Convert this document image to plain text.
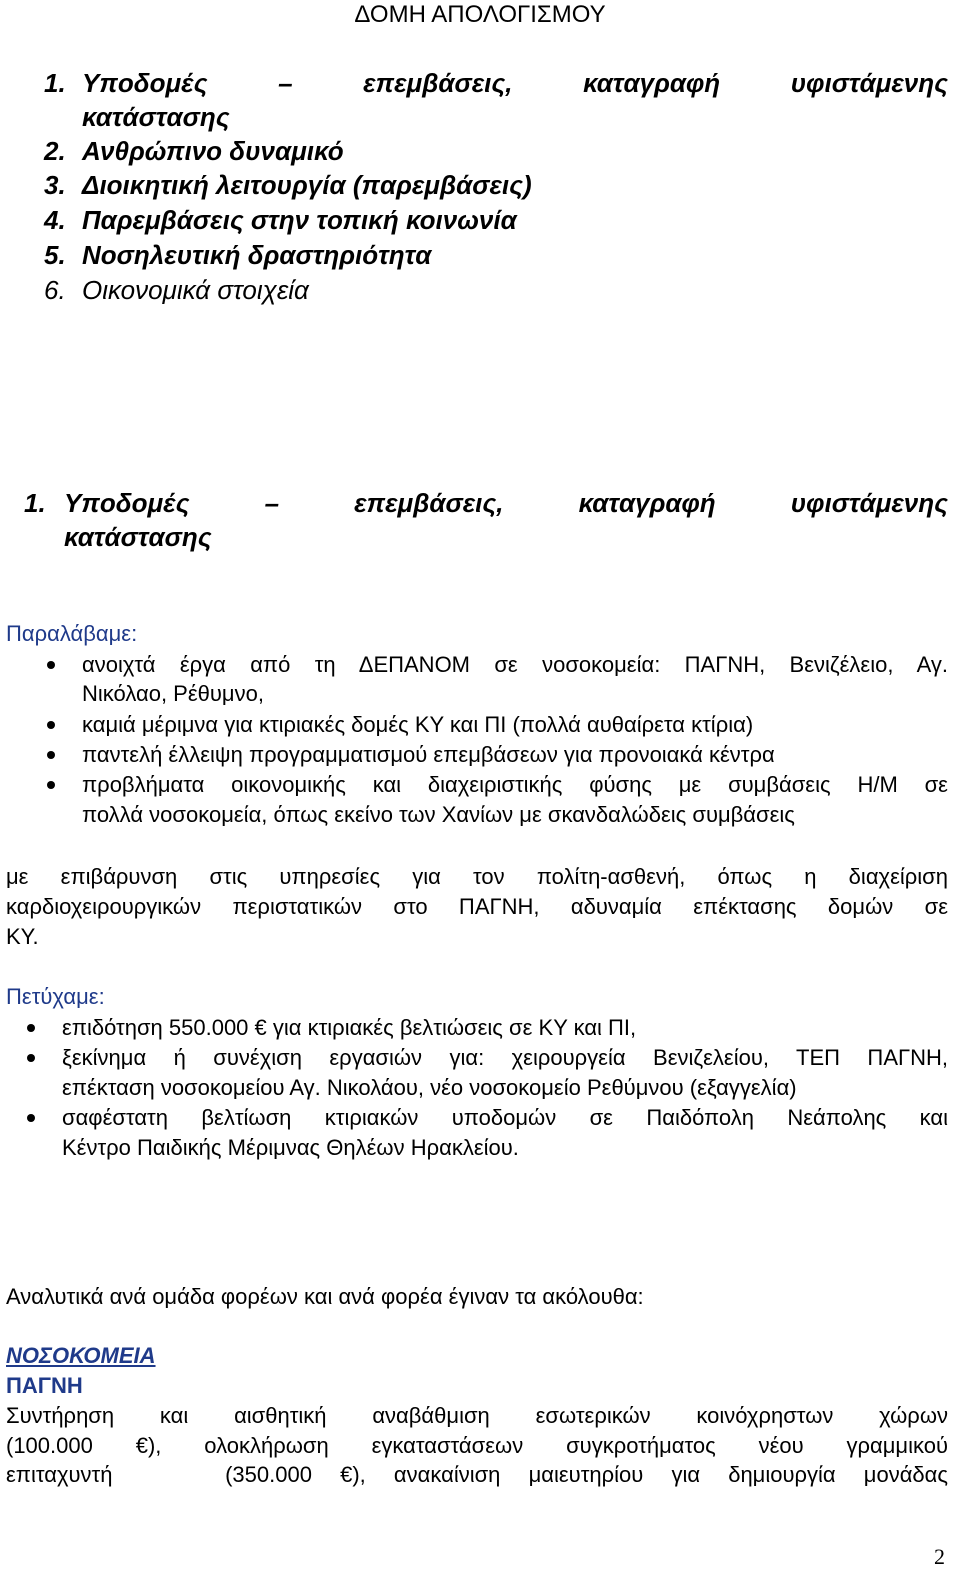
ΔΟΜΗ ΑΠΟΛΟΓΙΣΜΟΥ
1. Υποδομές – επεμβάσεις, καταγραφή υφιστάμενης
κατάστασης
2. Ανθρώπινο δυναμικό
3. Διοικητική λειτουργία (παρεμβάσεις)
4. Παρεμβάσεις στην τοπική κοινωνία
5. Νοσηλευτική δραστηριότητα
6. Οικονομικά στοιχεία
1. Υποδομές – επεμβάσεις, καταγραφή υφιστάμενης
κατάστασης
Παραλάβαμε:
ανοιχτά έργα από τη ΔΕΠΑΝΟΜ σε νοσοκομεία: ΠΑΓΝΗ, Βενιζέλειο, Αγ.
Νικόλαο, Ρέθυμνο,
καμιά μέριμνα για κτιριακές δομές ΚΥ και ΠΙ (πολλά αυθαίρετα κτίρια)
παντελή έλλειψη προγραμματισμού επεμβάσεων για προνοιακά κέντρα
προβλήματα οικονομικής και διαχειριστικής φύσης με συμβάσεις Η/Μ σε
πολλά νοσοκομεία, όπως εκείνο των Χανίων με σκανδαλώδεις συμβάσεις
με επιβάρυνση στις υπηρεσίες για τον πολίτη-ασθενή, όπως η διαχείριση
καρδιοχειρουργικών περιστατικών στο ΠΑΓΝΗ, αδυναμία επέκτασης δομών σε
ΚΥ.
Πετύχαμε:
επιδότηση 550.000 € για κτιριακές βελτιώσεις σε ΚΥ και ΠΙ,
ξεκίνημα ή συνέχιση εργασιών για: χειρουργεία Βενιζελείου, ΤΕΠ ΠΑΓΝΗ,
επέκταση νοσοκομείου Αγ. Νικολάου, νέο νοσοκομείο Ρεθύμνου (εξαγγελία)
σαφέστατη βελτίωση κτιριακών υποδομών σε Παιδόπολη Νεάπολης και
Κέντρο Παιδικής Μέριμνας Θηλέων Ηρακλείου.
Αναλυτικά ανά ομάδα φορέων και ανά φορέα έγιναν τα ακόλουθα:
ΝΟΣΟΚΟΜΕΙΑ
ΠΑΓΝΗ
Συντήρηση και αισθητική αναβάθμιση εσωτερικών κοινόχρηστων χώρων
(100.000 €), ολοκλήρωση εγκαταστάσεων συγκροτήματος νέου γραμμικού
επιταχυντή    (350.000 €), ανακαίνιση μαιευτηρίου για δημιουργία μονάδας
2
